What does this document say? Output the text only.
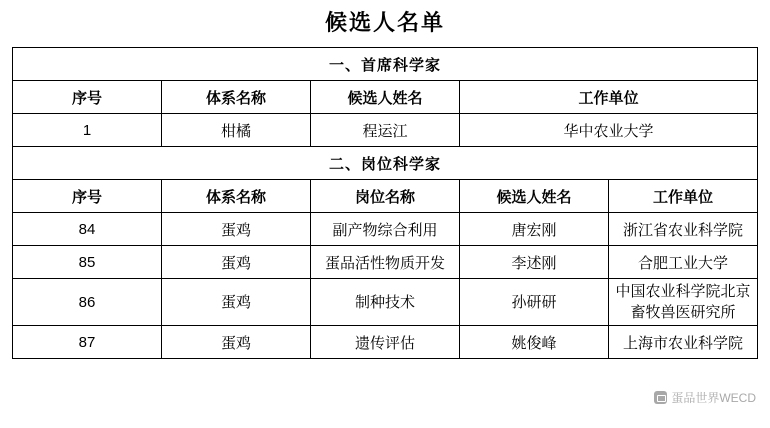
候选人名单
一、首席科学家				
序号	体系名称	候选人姓名	工作单位	
1	柑橘	程运江	华中农业大学	
二、岗位科学家				
序号	体系名称	岗位名称	候选人姓名	工作单位
84	蛋鸡	副产物综合利用	唐宏刚	浙江省农业科学院
85	蛋鸡	蛋品活性物质开发	李述刚	合肥工业大学
86	蛋鸡	制种技术	孙研研	中国农业科学院北京畜牧兽医研究所
87	蛋鸡	遗传评估	姚俊峰	上海市农业科学院
蛋品世界WECD
